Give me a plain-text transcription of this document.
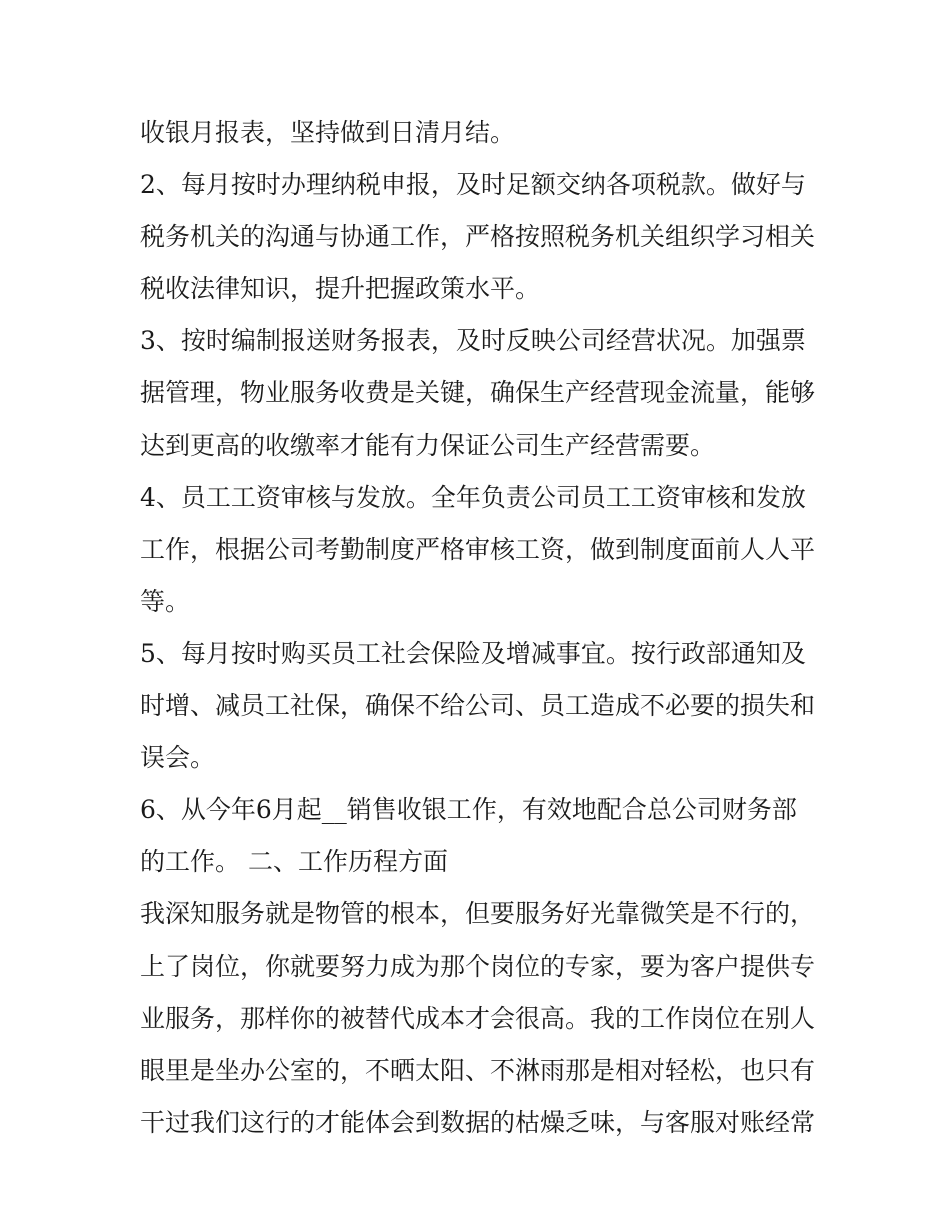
收银月报表，坚持做到日清月结。
2、每月按时办理纳税申报，及时足额交纳各项税款。做好与
税务机关的沟通与协通工作，严格按照税务机关组织学习相关
税收法律知识，提升把握政策水平。
3、按时编制报送财务报表，及时反映公司经营状况。加强票
据管理，物业服务收费是关键，确保生产经营现金流量，能够
达到更高的收缴率才能有力保证公司生产经营需要。
4、员工工资审核与发放。全年负责公司员工工资审核和发放
工作，根据公司考勤制度严格审核工资，做到制度面前人人平
等。
5、每月按时购买员工社会保险及增减事宜。按行政部通知及
时增、减员工社保，确保不给公司、员工造成不必要的损失和
误会。
6、从今年6月起__销售收银工作，有效地配合总公司财务部
的工作。 二、工作历程方面
我深知服务就是物管的根本，但要服务好光靠微笑是不行的，
上了岗位，你就要努力成为那个岗位的专家，要为客户提供专
业服务，那样你的被替代成本才会很高。我的工作岗位在别人
眼里是坐办公室的，不晒太阳、不淋雨那是相对轻松，也只有
干过我们这行的才能体会到数据的枯燥乏味，与客服对账经常
